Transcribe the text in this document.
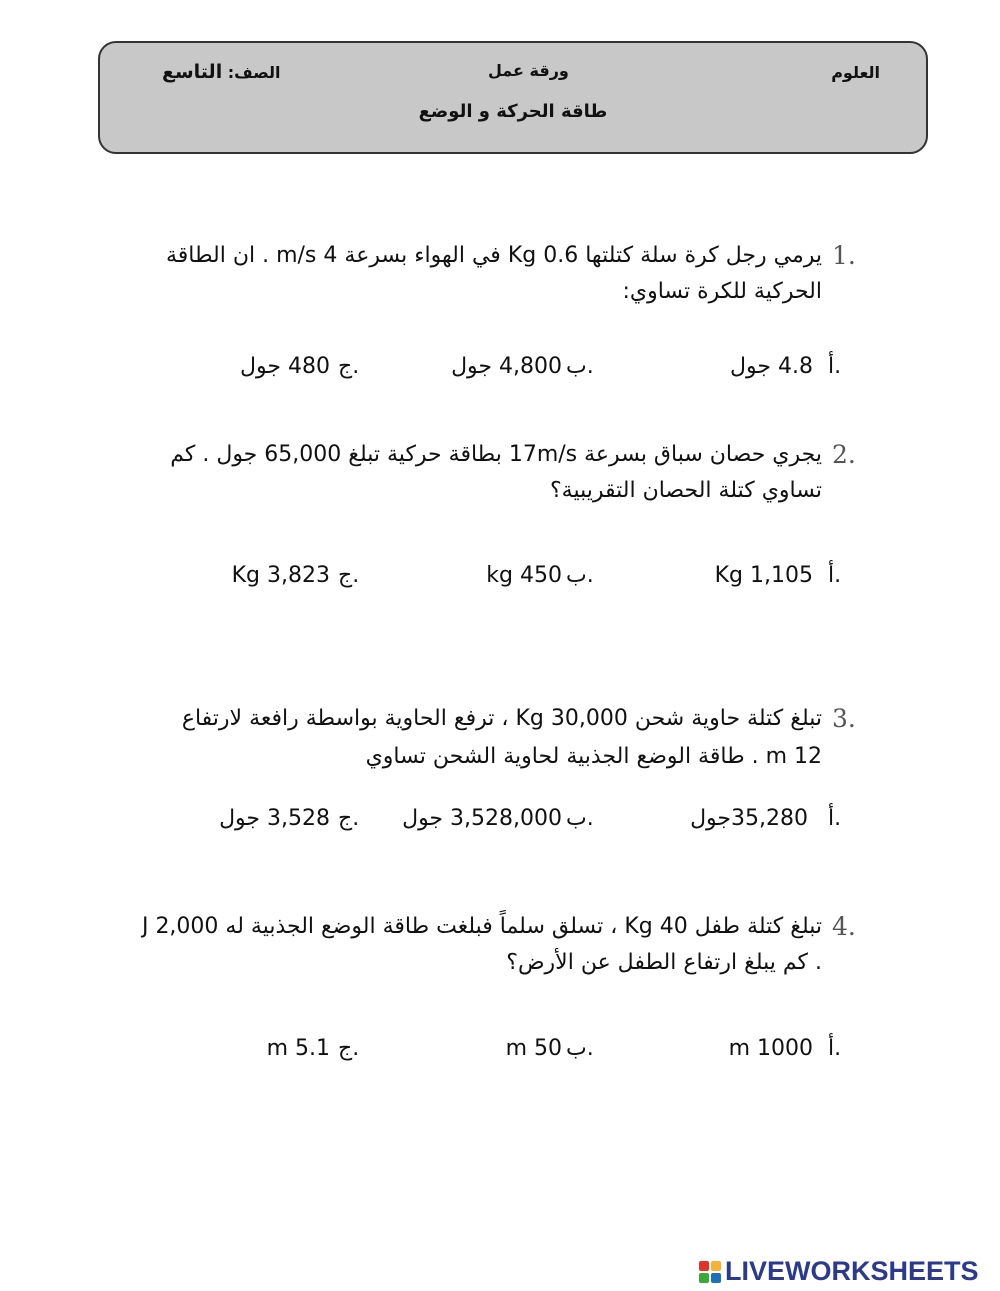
العلوم
ورقة عمل
الصف: التاسع
طاقة الحركة و الوضع
1.
يرمي رجل كرة سلة كتلتها 0.6 Kg في الهواء بسرعة 4 m/s . ان الطاقة
الحركية للكرة تساوي:
أ.
4.8 جول
ب.
4,800 جول
ج.
480 جول
2.
يجري حصان سباق بسرعة 17m/s بطاقة حركية تبلغ 65,000 جول . كم
تساوي كتلة الحصان التقريبية؟
أ.
1,105 Kg
ب.
450 kg
ج.
3,823 Kg
3.
تبلغ كتلة حاوية شحن 30,000 Kg ، ترفع الحاوية بواسطة رافعة لارتفاع
12 m . طاقة الوضع الجذبية لحاوية الشحن تساوي
أ.
35,280جول
ب.
3,528,000 جول
ج.
3,528 جول
4.
تبلغ كتلة طفل 40 Kg ، تسلق سلماً فبلغت طاقة الوضع الجذبية له 2,000 J
. كم يبلغ ارتفاع الطفل عن الأرض؟
أ.
1000 m
ب.
50 m
ج.
5.1 m
LIVEWORKSHEETS
